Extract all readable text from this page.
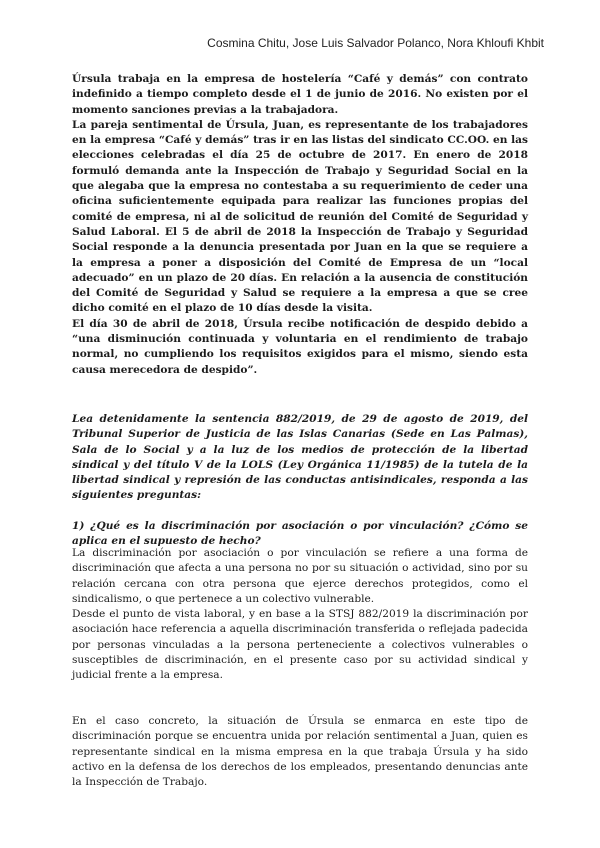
Cosmina Chitu, Jose Luis Salvador Polanco, Nora Khloufi Khbit

Úrsula trabaja en la empresa de hostelería “Café y demás” con contrato indefinido a tiempo completo desde el 1 de junio de 2016. No existen por el momento sanciones previas a la trabajadora.

La pareja sentimental de Úrsula, Juan, es representante de los trabajadores en la empresa “Café y demás” tras ir en las listas del sindicato CC.OO. en las elecciones celebradas el día 25 de octubre de 2017. En enero de 2018 formuló demanda ante la Inspección de Trabajo y Seguridad Social en la que alegaba que la empresa no contestaba a su requerimiento de ceder una oficina suficientemente equipada para realizar las funciones propias del comité de empresa, ni al de solicitud de reunión del Comité de Seguridad y Salud Laboral. El 5 de abril de 2018 la Inspección de Trabajo y Seguridad Social responde a la denuncia presentada por Juan en la que se requiere a la empresa a poner a disposición del Comité de Empresa de un “local adecuado” en un plazo de 20 días. En relación a la ausencia de constitución del Comité de Seguridad y Salud se requiere a la empresa a que se cree dicho comité en el plazo de 10 días desde la visita.

El día 30 de abril de 2018, Úrsula recibe notificación de despido debido a “una disminución continuada y voluntaria en el rendimiento de trabajo normal, no cumpliendo los requisitos exigidos para el mismo, siendo esta causa merecedora de despido”.

Lea detenidamente la sentencia 882/2019, de 29 de agosto de 2019, del Tribunal Superior de Justicia de las Islas Canarias (Sede en Las Palmas), Sala de lo Social y a la luz de los medios de protección de la libertad sindical y del título V de la LOLS (Ley Orgánica 11/1985) de la tutela de la libertad sindical y represión de las conductas antisindicales, responda a las siguientes preguntas:

1) ¿Qué es la discriminación por asociación o por vinculación? ¿Cómo se aplica en el supuesto de hecho?

La discriminación por asociación o por vinculación se refiere a una forma de discriminación que afecta a una persona no por su situación o actividad, sino por su relación cercana con otra persona que ejerce derechos protegidos, como el sindicalismo, o que pertenece a un colectivo vulnerable.

Desde el punto de vista laboral, y en base a la STSJ 882/2019 la discriminación por asociación hace referencia a aquella discriminación transferida o reflejada padecida por personas vinculadas a la persona perteneciente a colectivos vulnerables o susceptibles de discriminación, en el presente caso por su actividad sindical y judicial frente a la empresa.

En el caso concreto, la situación de Úrsula se enmarca en este tipo de discriminación porque se encuentra unida por relación sentimental a Juan, quien es representante sindical en la misma empresa en la que trabaja Úrsula y ha sido activo en la defensa de los derechos de los empleados, presentando denuncias ante la Inspección de Trabajo.
